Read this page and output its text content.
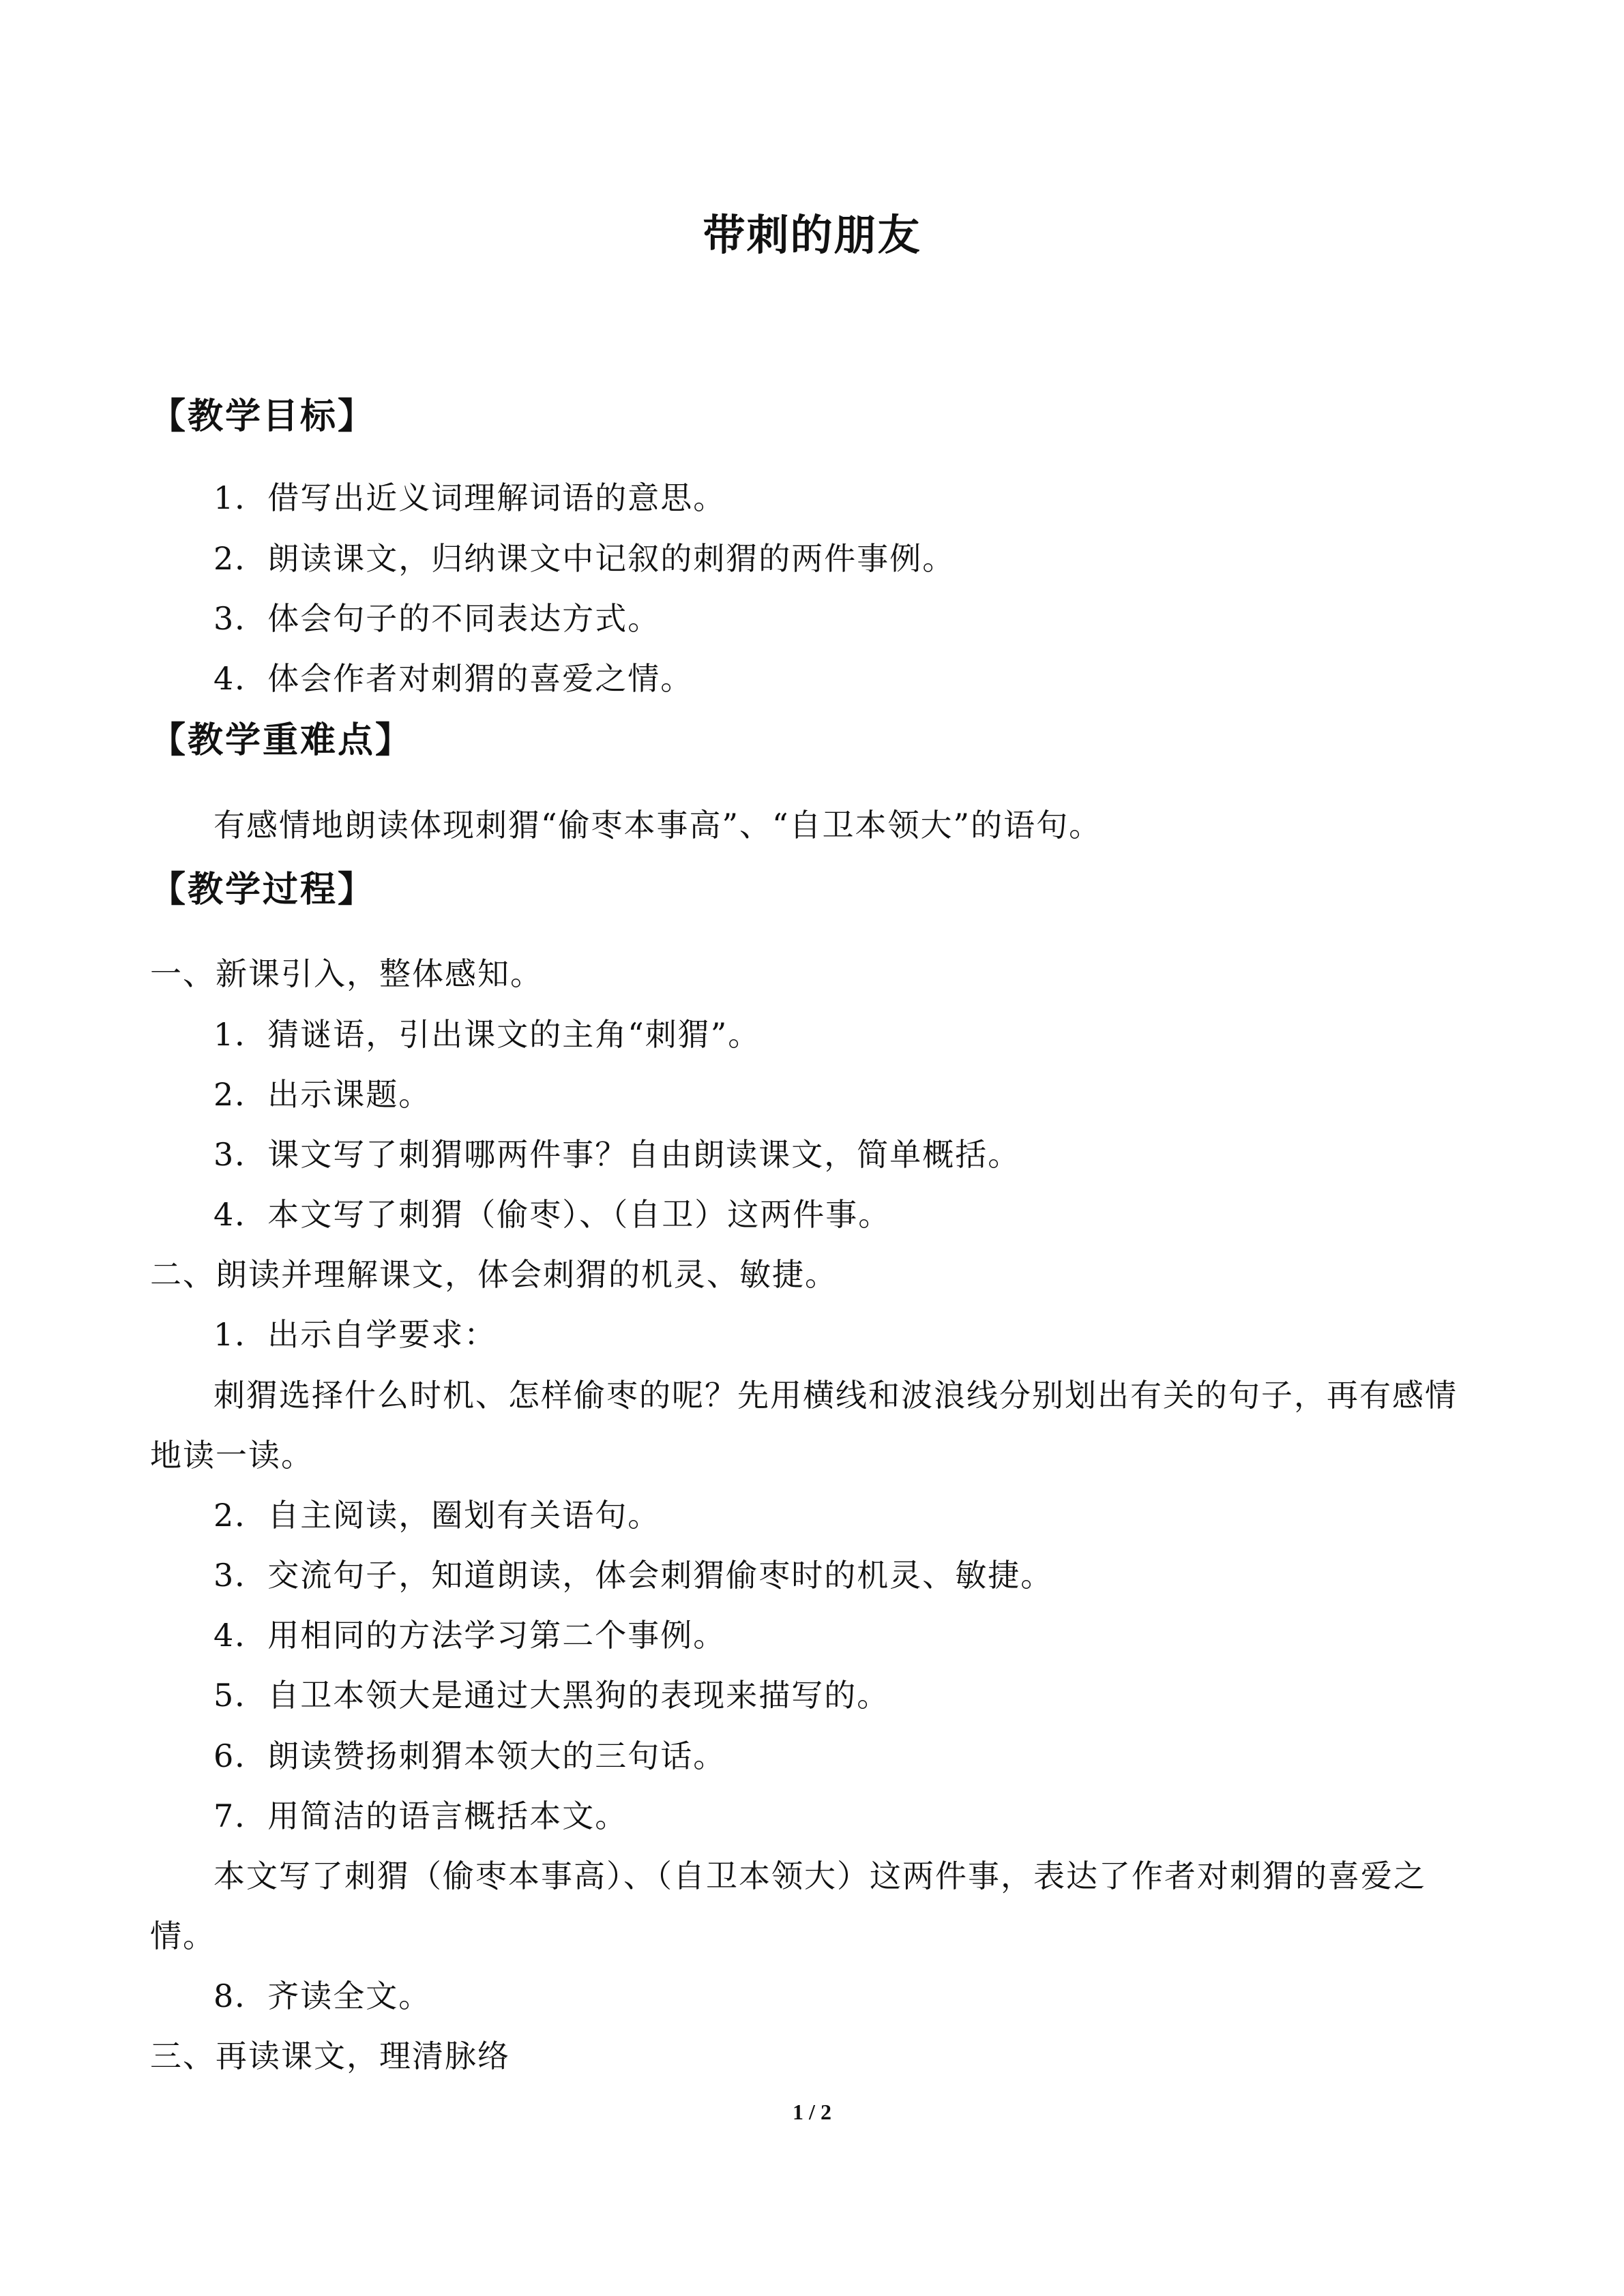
带刺的朋友
【教学目标】
1．借写出近义词理解词语的意思。
2．朗读课文，归纳课文中记叙的刺猬的两件事例。
3．体会句子的不同表达方式。
4．体会作者对刺猬的喜爱之情。
【教学重难点】
有感情地朗读体现刺猬“偷枣本事高”、“自卫本领大”的语句。
【教学过程】
一、新课引入，整体感知。
1．猜谜语，引出课文的主角“刺猬”。
2．出示课题。
3．课文写了刺猬哪两件事？自由朗读课文，简单概括。
4．本文写了刺猬（偷枣）、（自卫）这两件事。
二、朗读并理解课文，体会刺猬的机灵、敏捷。
1．出示自学要求：
刺猬选择什么时机、怎样偷枣的呢？先用横线和波浪线分别划出有关的句子，再有感情
地读一读。
2．自主阅读，圈划有关语句。
3．交流句子，知道朗读，体会刺猬偷枣时的机灵、敏捷。
4．用相同的方法学习第二个事例。
5．自卫本领大是通过大黑狗的表现来描写的。
6．朗读赞扬刺猬本领大的三句话。
7．用简洁的语言概括本文。
本文写了刺猬（偷枣本事高）、（自卫本领大）这两件事，表达了作者对刺猬的喜爱之
情。
8．齐读全文。
三、再读课文，理清脉络
1 / 2
